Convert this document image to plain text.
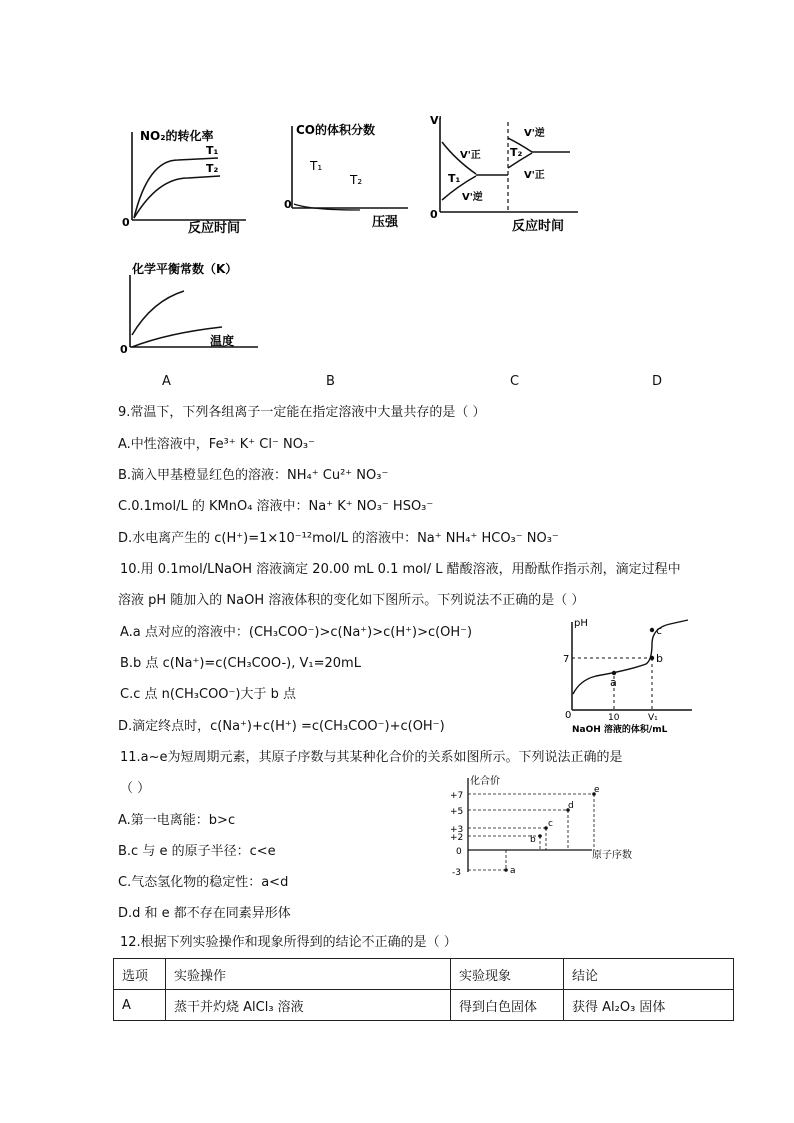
NO₂的转化率
T₁
T₂
0	反应时间
CO的体积分数
T₁
T₂
0
压强
V'
V'正
T₁
V'逆
V'逆
T₂
V'正
0
反应时间
化学平衡常数（K）
0
温度
A	B	C	D
9.常温下，下列各组离子一定能在指定溶液中大量共存的是（ ）
A.中性溶液中，Fe³⁺ K⁺ Cl⁻ NO₃⁻
B.滴入甲基橙显红色的溶液：NH₄⁺ Cu²⁺ NO₃⁻
C.0.1mol/L 的 KMnO₄ 溶液中：Na⁺ K⁺ NO₃⁻ HSO₃⁻
D.水电离产生的 c(H⁺)=1×10⁻¹²mol/L 的溶液中：Na⁺ NH₄⁺ HCO₃⁻ NO₃⁻
10.用 0.1mol/LNaOH 溶液滴定 20.00 mL 0.1 mol/ L 醋酸溶液，用酚酞作指示剂，滴定过程中
溶液 pH 随加入的 NaOH 溶液体积的变化如下图所示。下列说法不正确的是（ ）
A.a 点对应的溶液中：(CH₃COO⁻)>c(Na⁺)>c(H⁺)>c(OH⁻)
B.b 点 c(Na⁺)=c(CH₃COO-), V₁=20mL
C.c 点 n(CH₃COO⁻)大于 b 点
D.滴定终点时，c(Na⁺)+c(H⁺) =c(CH₃COO⁻)+c(OH⁻)
pH
7
a
b
c
0	10	V₁
NaOH 溶液的体积/mL
11.a~e为短周期元素，其原子序数与其某种化合价的关系如图所示。下列说法正确的是
（ ）
A.第一电离能：b>c
B.c 与 e 的原子半径：c<e
C.气态氢化物的稳定性：a<d
D.d 和 e 都不存在同素异形体
化合价
+7
+5
+3
+2
0
-3	a
b
c
d
e
原子序数
12.根据下列实验操作和现象所得到的结论不正确的是（ ）
选项	实验操作	实验现象	结论
A	蒸干并灼烧 AlCl₃ 溶液	得到白色固体	获得 Al₂O₃ 固体
